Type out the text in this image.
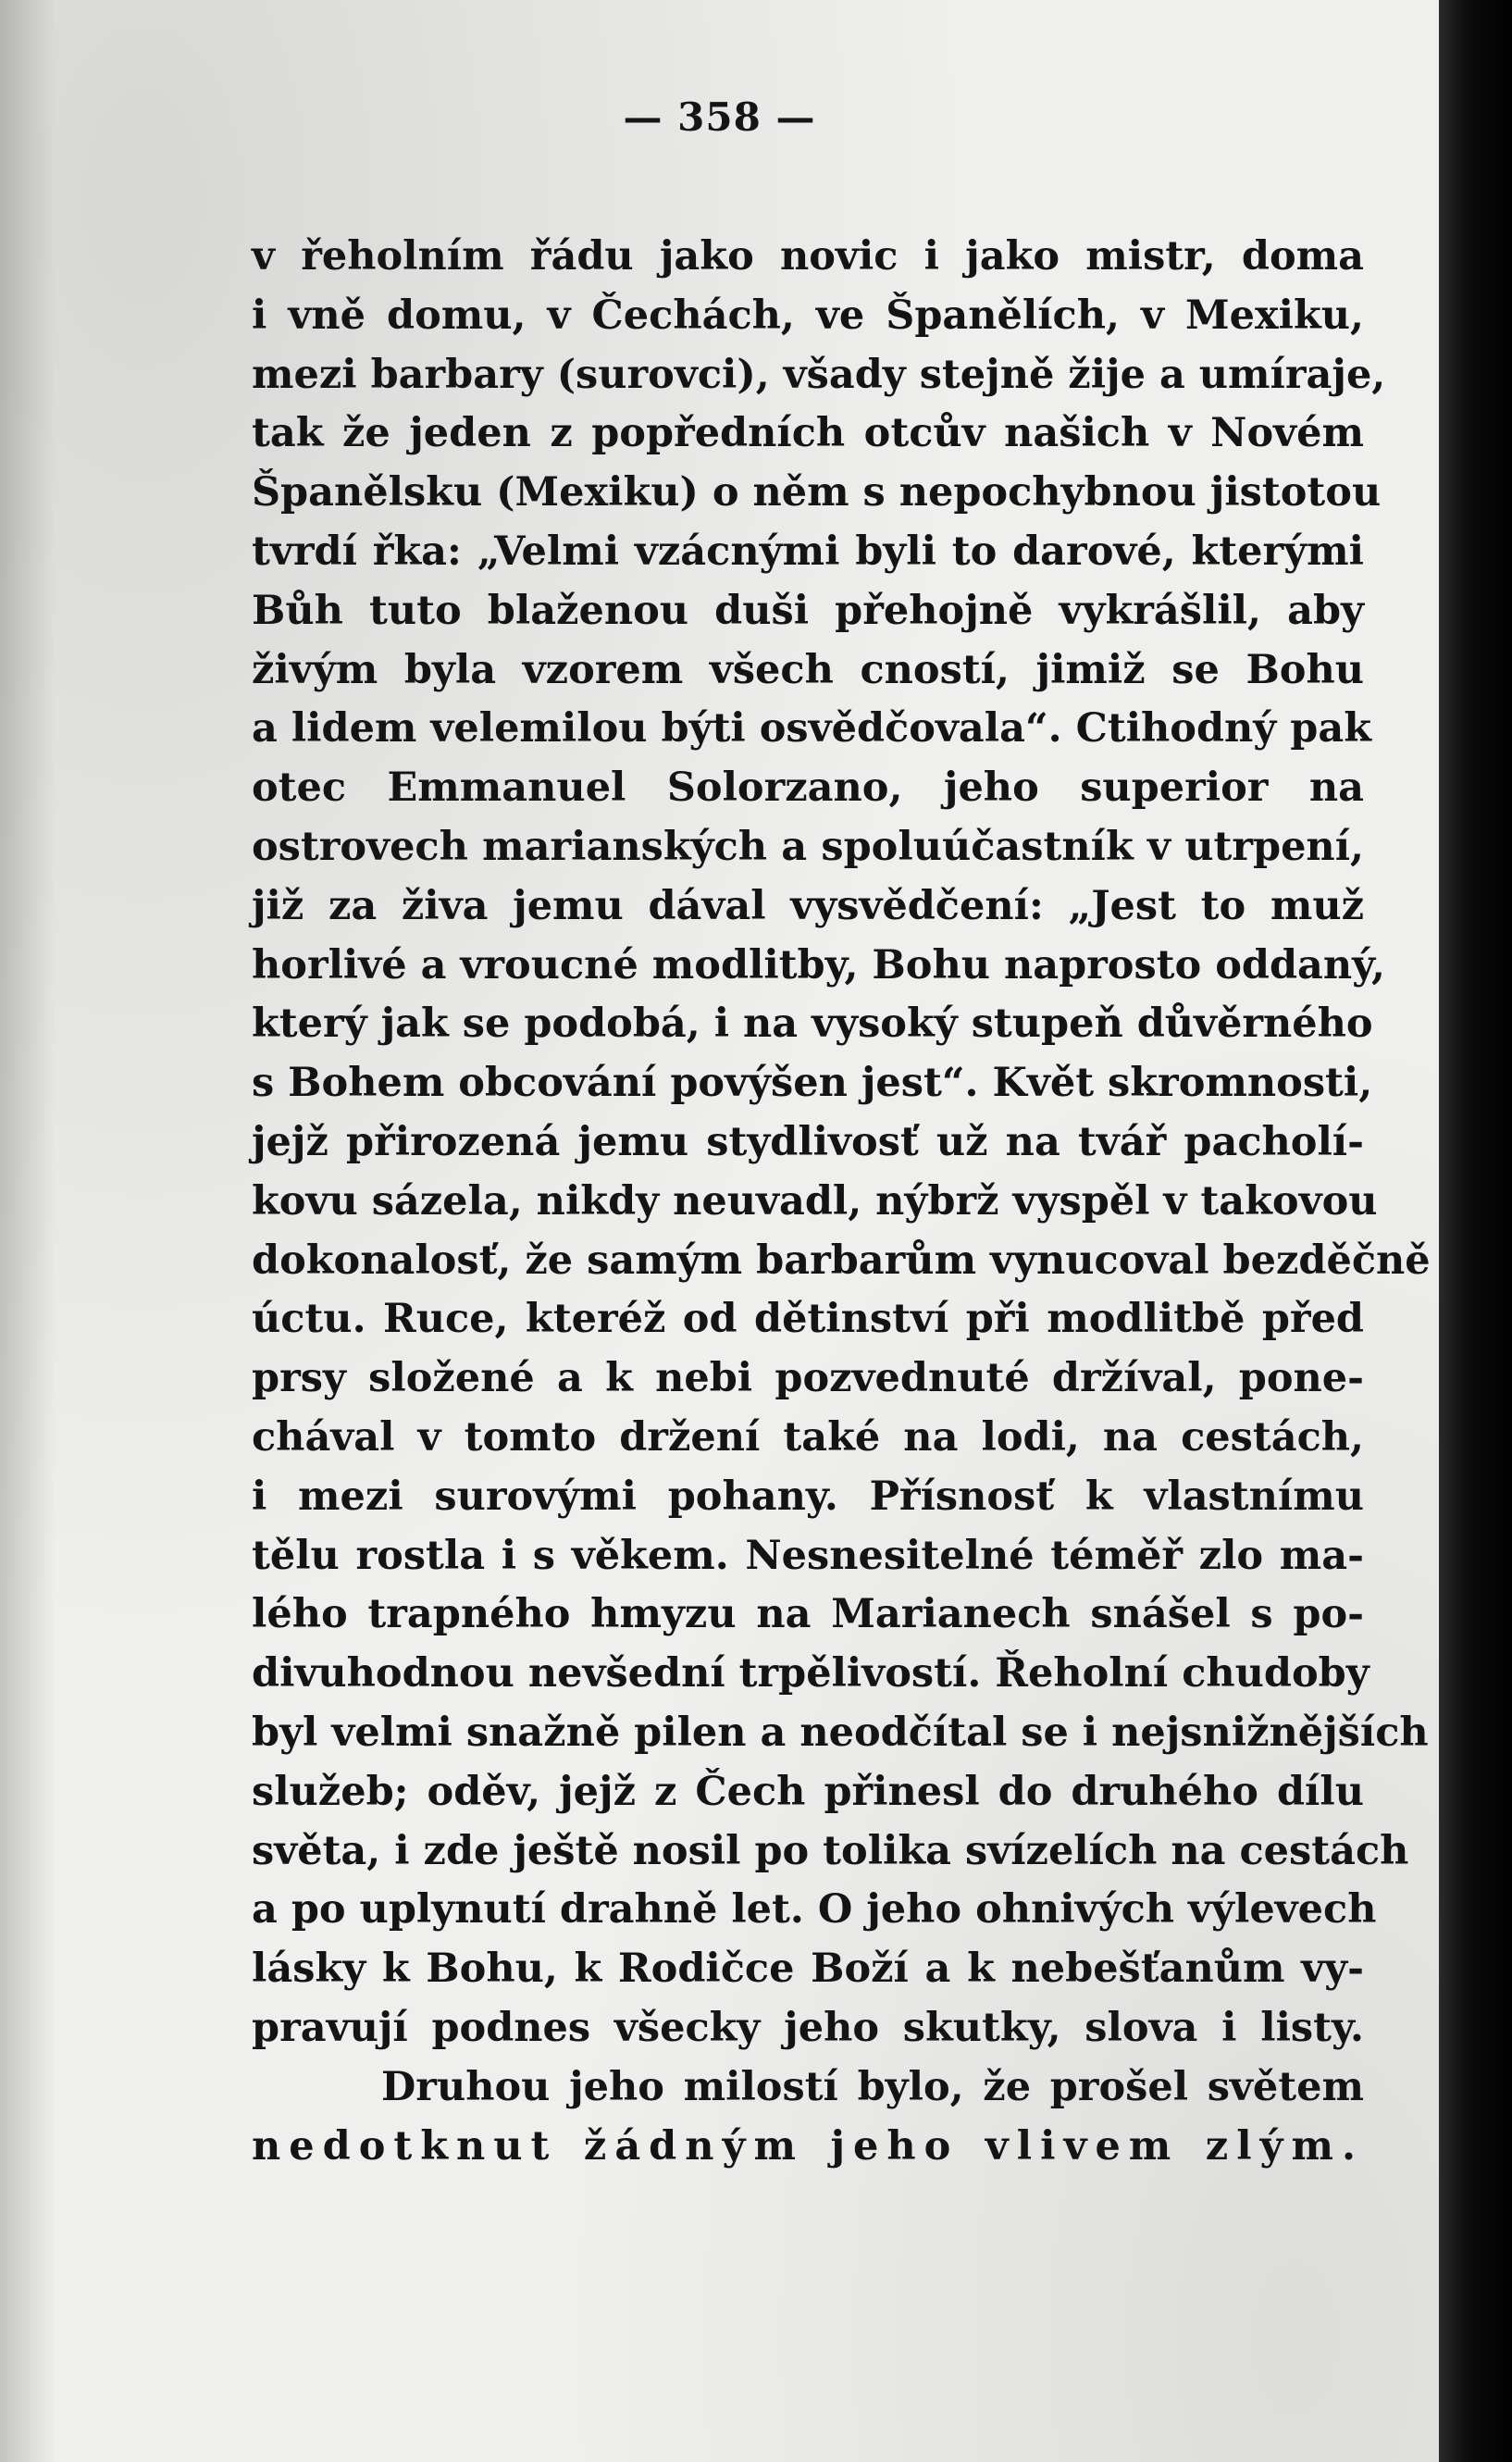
— 358 —
v řeholním řádu jako novic i jako mistr, doma
i vně domu, v Čechách, ve Španělích, v Mexiku,
mezi barbary (surovci), všady stejně žije a umíraje,
tak že jeden z popředních otcův našich v Novém
Španělsku (Mexiku) o něm s nepochybnou jistotou
tvrdí řka: „Velmi vzácnými byli to darové, kterými
Bůh tuto blaženou duši přehojně vykrášlil, aby
živým byla vzorem všech cností, jimiž se Bohu
a lidem velemilou býti osvědčovala“. Ctihodný pak
otec Emmanuel Solorzano, jeho superior na
ostrovech marianských a spoluúčastník v utrpení,
již za živa jemu dával vysvědčení: „Jest to muž
horlivé a vroucné modlitby, Bohu naprosto oddaný,
který jak se podobá, i na vysoký stupeň důvěrného
s Bohem obcování povýšen jest“. Květ skromnosti,
jejž přirozená jemu stydlivosť už na tvář pacholí-
kovu sázela, nikdy neuvadl, nýbrž vyspěl v takovou
dokonalosť, že samým barbarům vynucoval bezděčně
úctu. Ruce, kteréž od dětinství při modlitbě před
prsy složené a k nebi pozvednuté držíval, pone-
chával v tomto držení také na lodi, na cestách,
i mezi surovými pohany. Přísnosť k vlastnímu
tělu rostla i s věkem. Nesnesitelné téměř zlo ma-
lého trapného hmyzu na Marianech snášel s po-
divuhodnou nevšední trpělivostí. Řeholní chudoby
byl velmi snažně pilen a neodčítal se i nejsnižnějších
služeb; oděv, jejž z Čech přinesl do druhého dílu
světa, i zde ještě nosil po tolika svízelích na cestách
a po uplynutí drahně let. O jeho ohnivých výlevech
lásky k Bohu, k Rodičce Boží a k nebešťanům vy-
pravují podnes všecky jeho skutky, slova i listy.
Druhou jeho milostí bylo, že prošel světem
nedotknut žádným jeho vlivem zlým.
